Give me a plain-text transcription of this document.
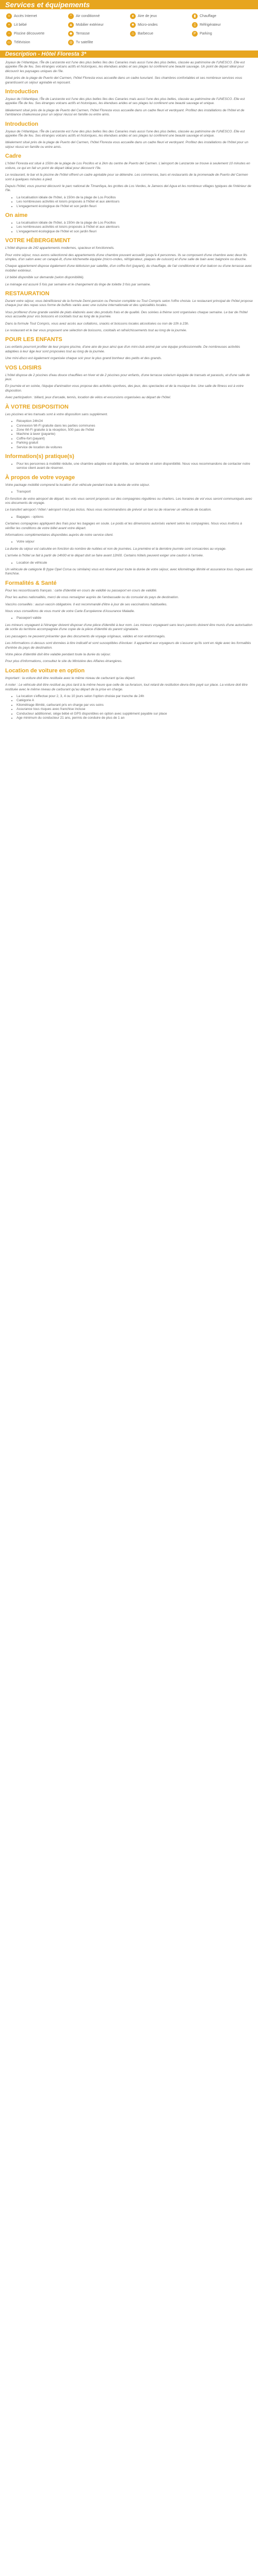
Services et équipements
≈	Accès Internet	*	Air conditionné	●	Aire de jeux	▮	Chauffage
▪	Lit bébé	▲ Mobilier extérieur	■	Micro-ondes	▯	Réfrigérateur
~	Piscine découverte	◆ Terrasse	♨ Barbecue	P	Parking
▭ Télévision	◎ Tv satellite
Description - Hôtel Floresta 3*

Joyaux de l'Atlantique, l'Île de Lanzarote est l'une des plus belles îles des Canaries mais aussi l'une des plus belles, classée au patrimoine de l'UNESCO. Elle est appelée l'Île de feu. Ses étranges volcans actifs et historiques, les étendues arides et ses plages lui confèrent une beauté sauvage. Un point de départ idéal pour découvrir les paysages uniques de l'île.

Situé près de la plage de Puerto del Carmen, l'hôtel Floresta vous accueille dans un cadre luxuriant. Ses chambres confortables et ses nombreux services vous garantissent un séjour agréable et reposant.

Introduction

Joyaux de l'Atlantique, l'Île de Lanzarote est l'une des plus belles îles des Canaries mais aussi l'une des plus belles, classée au patrimoine de l'UNESCO. Elle est appelée l'Île de feu. Ses étranges volcans actifs et historiques, les étendues arides et ses plages lui confèrent une beauté sauvage et unique.

Idéalement situé près de la plage de Puerto del Carmen, l'hôtel Floresta vous accueille dans un cadre fleuri et verdoyant. Profitez des installations de l'hôtel et de l'ambiance chaleureuse pour un séjour réussi en famille ou entre amis.

Introduction

Joyaux de l'Atlantique, l'Île de Lanzarote est l'une des plus belles îles des Canaries mais aussi l'une des plus belles, classée au patrimoine de l'UNESCO. Elle est appelée l'Île de feu. Ses étranges volcans actifs et historiques, les étendues arides et ses plages lui confèrent une beauté sauvage et unique.

Idéalement situé près de la plage de Puerto del Carmen, l'hôtel Floresta vous accueille dans un cadre fleuri et verdoyant. Profitez des installations de l'hôtel pour un séjour réussi en famille ou entre amis.

Cadre

L'hôtel Floresta est situé à 150m de la plage de Los Pocillos et à 2km du centre de Puerto del Carmen. L'aéroport de Lanzarote se trouve à seulement 10 minutes en voiture, ce qui en fait un point de départ idéal pour découvrir l'île.

Le restaurant, le bar et la piscine de l'hôtel offrent un cadre agréable pour se détendre. Les commerces, bars et restaurants de la promenade de Puerto del Carmen sont à quelques minutes à pied.

Depuis l'hôtel, vous pourrez découvrir le parc national de Timanfaya, les grottes de Los Verdes, le Jameos del Agua et les nombreux villages typiques de l'intérieur de l'île.

• La localisation idéale de l'hôtel, à 150m de la plage de Los Pocillos
• Les nombreuses activités et loisirs proposés à l'hôtel et aux alentours
• L'engagement écologique de l'hôtel et son jardin fleuri
On aime
• La localisation idéale de l'hôtel, à 150m de la plage de Los Pocillos
• Les nombreuses activités et loisirs proposés à l'hôtel et aux alentours
• L'engagement écologique de l'hôtel et son jardin fleuri
VOTRE HÉBERGEMENT

L'hôtel dispose de 242 appartements modernes, spacieux et fonctionnels.

Pour votre séjour, nous avons sélectionné des appartements d'une chambre pouvant accueillir jusqu'à 4 personnes. Ils se composent d'une chambre avec deux lits simples, d'un salon avec un canapé-lit, d'une kitchenette équipée (micro-ondes, réfrigérateur, plaques de cuisson) et d'une salle de bain avec baignoire ou douche.

Chaque appartement dispose également d'une télévision par satellite, d'un coffre-fort (payant), du chauffage, de l'air conditionné et d'un balcon ou d'une terrasse avec mobilier extérieur.

Lit bébé disponible sur demande (selon disponibilité).

Le ménage est assuré 5 fois par semaine et le changement du linge de toilette 3 fois par semaine.

RESTAURATION

Durant votre séjour, vous bénéficierez de la formule Demi-pension ou Pension complète ou Tout Compris selon l'offre choisie. Le restaurant principal de l'hôtel propose chaque jour des repas sous forme de buffets variés avec une cuisine internationale et des spécialités locales.

Vous profiterez d'une grande variété de plats élaborés avec des produits frais et de qualité. Des soirées à thème sont organisées chaque semaine. Le bar de l'hôtel vous accueille pour vos boissons et cocktails tout au long de la journée.

Dans la formule Tout Compris, vous avez accès aux collations, snacks et boissons locales alcoolisées ou non de 10h à 23h.

Le restaurant et le bar vous proposent une sélection de boissons, cocktails et rafraîchissements tout au long de la journée.

POUR LES ENFANTS

Les enfants pourront profiter de leur propre piscine, d'une aire de jeux ainsi que d'un mini-club animé par une équipe professionnelle. De nombreuses activités adaptées à leur âge leur sont proposées tout au long de la journée.

Une mini-disco est également organisée chaque soir pour le plus grand bonheur des petits et des grands.

VOS LOISIRS

L'hôtel dispose de 2 piscines d'eau douce chauffées en hiver et de 2 piscines pour enfants, d'une terrasse solarium équipée de transats et parasols, et d'une salle de jeux.

En journée et en soirée, l'équipe d'animation vous propose des activités sportives, des jeux, des spectacles et de la musique live. Une salle de fitness est à votre disposition.

Avec participation : billard, jeux d'arcade, tennis, location de vélos et excursions organisées au départ de l'hôtel.

À VOTRE DISPOSITION

Les piscines et les transats sont à votre disposition sans supplément.

• Réception 24h/24
• Connexion Wi-Fi gratuite dans les parties communes
• Zone Wi-Fi gratuite à la réception, 500 pas de l'hôtel
• Machine à laver (payante)
• Coffre-fort (payant)
• Parking gratuit
• Service de location de voitures
Information(s) pratique(s)
• Pour les personnes à mobilité réduite, une chambre adaptée est disponible, sur demande et selon disponibilité. Nous vous recommandons de contacter notre service client avant de réserver.
À propos de votre voyage

Votre package mobilité comprend la location d'un véhicule pendant toute la durée de votre séjour.

• Transport

En fonction de votre aéroport de départ, les vols vous seront proposés sur des compagnies régulières ou charters. Les horaires de vol vous seront communiqués avec vos documents de voyage.

Le transfert aéroport / hôtel / aéroport n'est pas inclus. Nous vous recommandons de prévoir un taxi ou de réserver un véhicule de location.

• Bagages - options

Certaines compagnies appliquent des frais pour les bagages en soute. Le poids et les dimensions autorisés varient selon les compagnies. Nous vous invitons à vérifier les conditions de votre billet avant votre départ.

Informations complémentaires disponibles auprès de notre service client.

• Votre séjour

La durée du séjour est calculée en fonction du nombre de nuitées et non de journées. La première et la dernière journée sont consacrées au voyage.

L'arrivée à l'hôtel se fait à partir de 14h00 et le départ doit se faire avant 12h00. Certains hôtels peuvent exiger une caution à l'arrivée.

• Location de véhicule

Un véhicule de catégorie B (type Opel Corsa ou similaire) vous est réservé pour toute la durée de votre séjour, avec kilométrage illimité et assurance tous risques avec franchise.

Formalités & Santé

Pour les ressortissants français : carte d'identité en cours de validité ou passeport en cours de validité.

Pour les autres nationalités, merci de vous renseigner auprès de l'ambassade ou du consulat du pays de destination.

Vaccins conseillés : aucun vaccin obligatoire. Il est recommandé d'être à jour de ses vaccinations habituelles.

Nous vous conseillons de vous munir de votre Carte Européenne d'Assurance Maladie.

• Passeport valide

Les mineurs voyageant à l'étranger doivent disposer d'une pièce d'identité à leur nom. Les mineurs voyageant sans leurs parents doivent être munis d'une autorisation de sortie du territoire accompagnée d'une copie de la pièce d'identité du parent signataire.

Les passagers ne peuvent présenter que des documents de voyage originaux, valides et non endommagés.

Les informations ci-dessus sont données à titre indicatif et sont susceptibles d'évoluer. Il appartient aux voyageurs de s'assurer qu'ils sont en règle avec les formalités d'entrée du pays de destination.

Votre pièce d'identité doit être valable pendant toute la durée du séjour.

Pour plus d'informations, consultez le site du Ministère des Affaires étrangères.

Location de voiture en option

Important : la voiture doit être restituée avec le même niveau de carburant qu'au départ.

A noter : Le véhicule doit être restitué au plus tard à la même heure que celle de sa livraison, tout retard de restitution devra être payé sur place. La voiture doit être restituée avec le même niveau de carburant qu'au départ de la prise en charge.

• La location s'effectue pour 2, 3, 4 ou 10 jours selon l'option choisie par tranche de 24h
• Catégorie A
• Kilométrage illimité, carburant pris en charge par vos soins
• Assurance tous risques avec franchise incluse
• Conducteur additionnel, siège bébé et GPS disponibles en option avec supplément payable sur place
• Age minimum du conducteur 21 ans, permis de conduire de plus de 1 an
